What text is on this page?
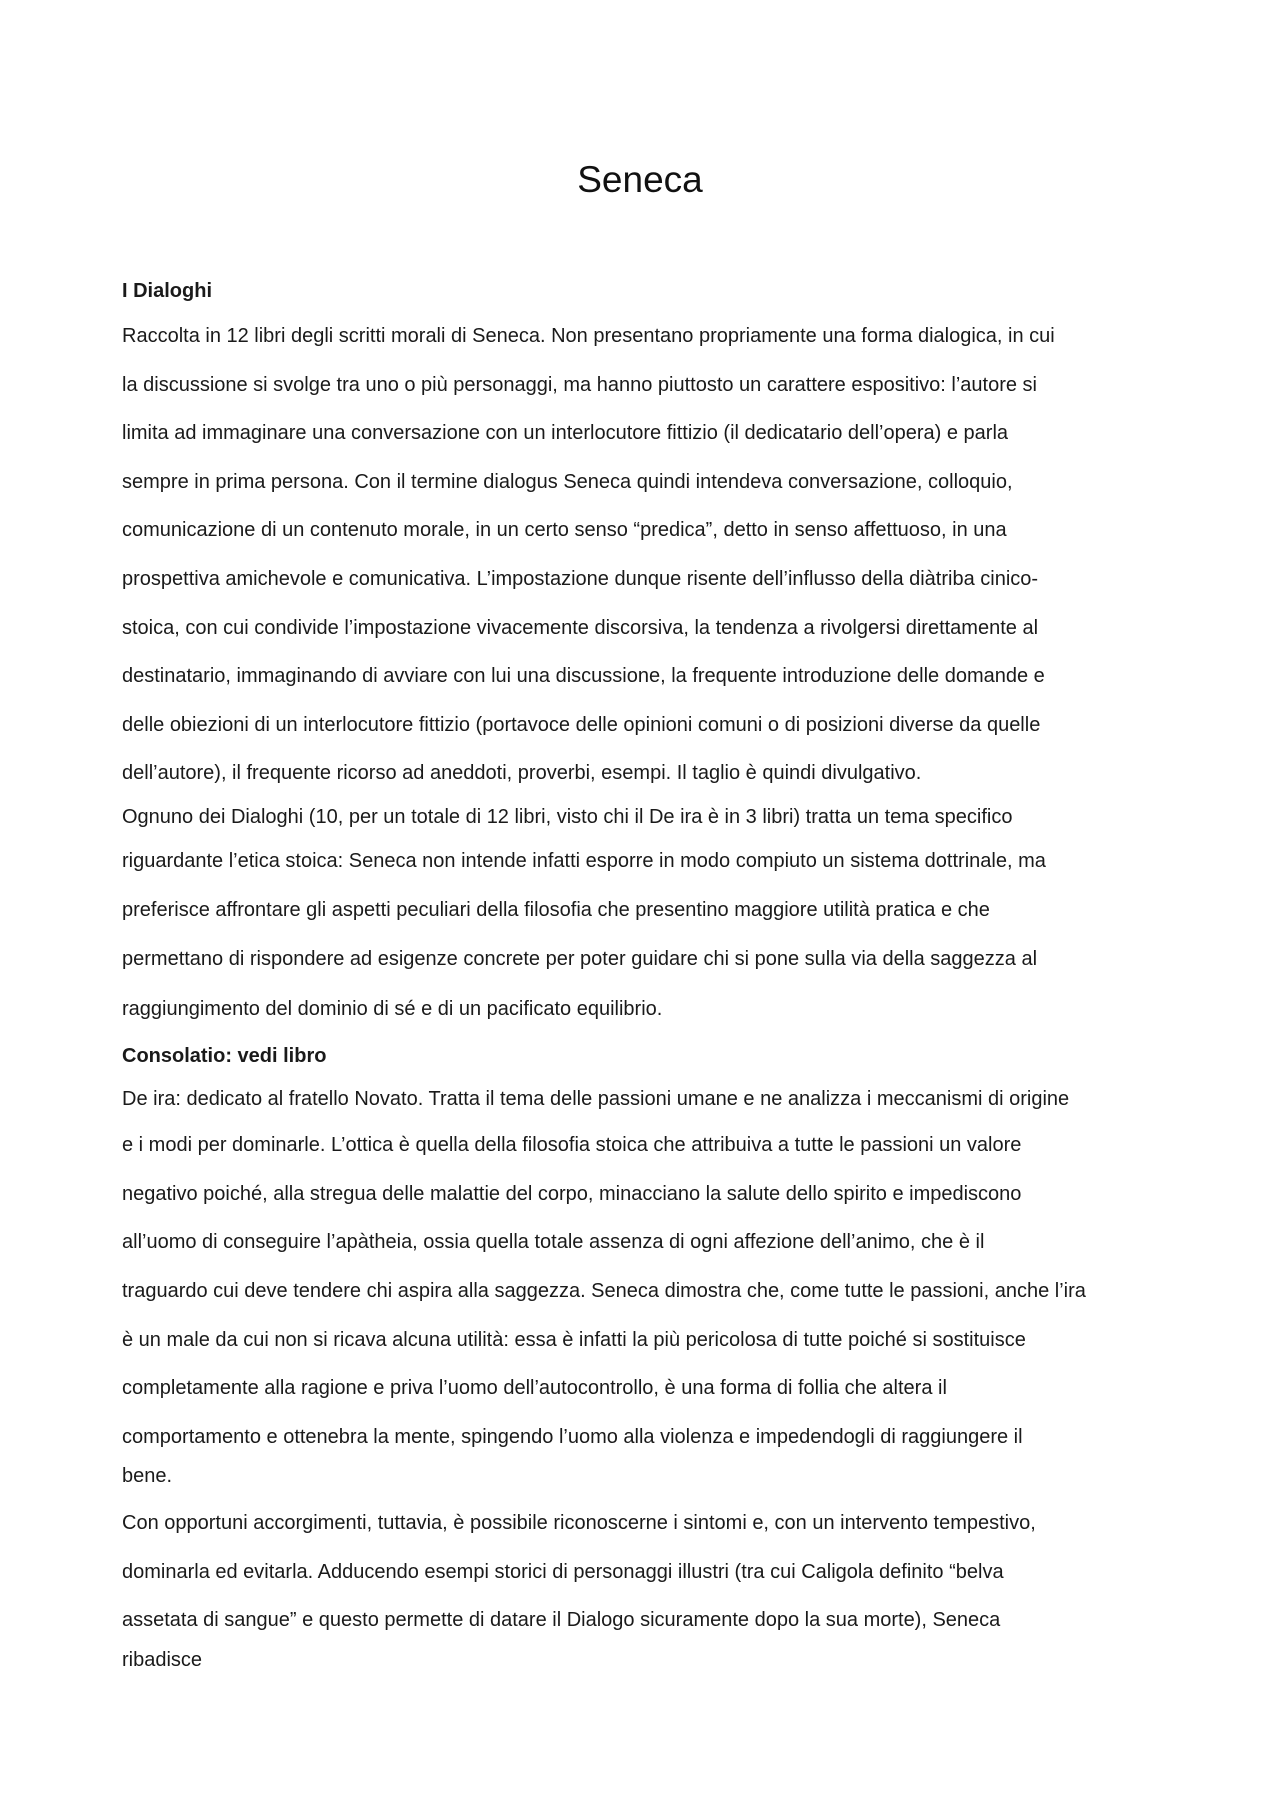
Seneca

I Dialoghi

Raccolta in 12 libri degli scritti morali di Seneca. Non presentano propriamente una forma dialogica, in cui
la discussione si svolge tra uno o più personaggi, ma hanno piuttosto un carattere espositivo: l’autore si
limita ad immaginare una conversazione con un interlocutore fittizio (il dedicatario dell’opera) e parla
sempre in prima persona. Con il termine dialogus Seneca quindi intendeva conversazione, colloquio,
comunicazione di un contenuto morale, in un certo senso “predica”, detto in senso affettuoso, in una
prospettiva amichevole e comunicativa. L’impostazione dunque risente dell’influsso della diàtriba cinico-
stoica, con cui condivide l’impostazione vivacemente discorsiva, la tendenza a rivolgersi direttamente al
destinatario, immaginando di avviare con lui una discussione, la frequente introduzione delle domande e
delle obiezioni di un interlocutore fittizio (portavoce delle opinioni comuni o di posizioni diverse da quelle
dell’autore), il frequente ricorso ad aneddoti, proverbi, esempi. Il taglio è quindi divulgativo.
Ognuno dei Dialoghi (10, per un totale di 12 libri, visto chi il De ira è in 3 libri) tratta un tema specifico
riguardante l’etica stoica: Seneca non intende infatti esporre in modo compiuto un sistema dottrinale, ma
preferisce affrontare gli aspetti peculiari della filosofia che presentino maggiore utilità pratica e che
permettano di rispondere ad esigenze concrete per poter guidare chi si pone sulla via della saggezza al
raggiungimento del dominio di sé e di un pacificato equilibrio.

Consolatio: vedi libro

De ira: dedicato al fratello Novato. Tratta il tema delle passioni umane e ne analizza i meccanismi di origine
e i modi per dominarle. L’ottica è quella della filosofia stoica che attribuiva a tutte le passioni un valore
negativo poiché, alla stregua delle malattie del corpo, minacciano la salute dello spirito e impediscono
all’uomo di conseguire l’apàtheia, ossia quella totale assenza di ogni affezione dell’animo, che è il
traguardo cui deve tendere chi aspira alla saggezza. Seneca dimostra che, come tutte le passioni, anche l’ira
è un male da cui non si ricava alcuna utilità: essa è infatti la più pericolosa di tutte poiché si sostituisce
completamente alla ragione e priva l’uomo dell’autocontrollo, è una forma di follia che altera il
comportamento e ottenebra la mente, spingendo l’uomo alla violenza e impedendogli di raggiungere il
bene.
Con opportuni accorgimenti, tuttavia, è possibile riconoscerne i sintomi e, con un intervento tempestivo,
dominarla ed evitarla. Adducendo esempi storici di personaggi illustri (tra cui Caligola definito “belva
assetata di sangue” e questo permette di datare il Dialogo sicuramente dopo la sua morte), Seneca
ribadisce
